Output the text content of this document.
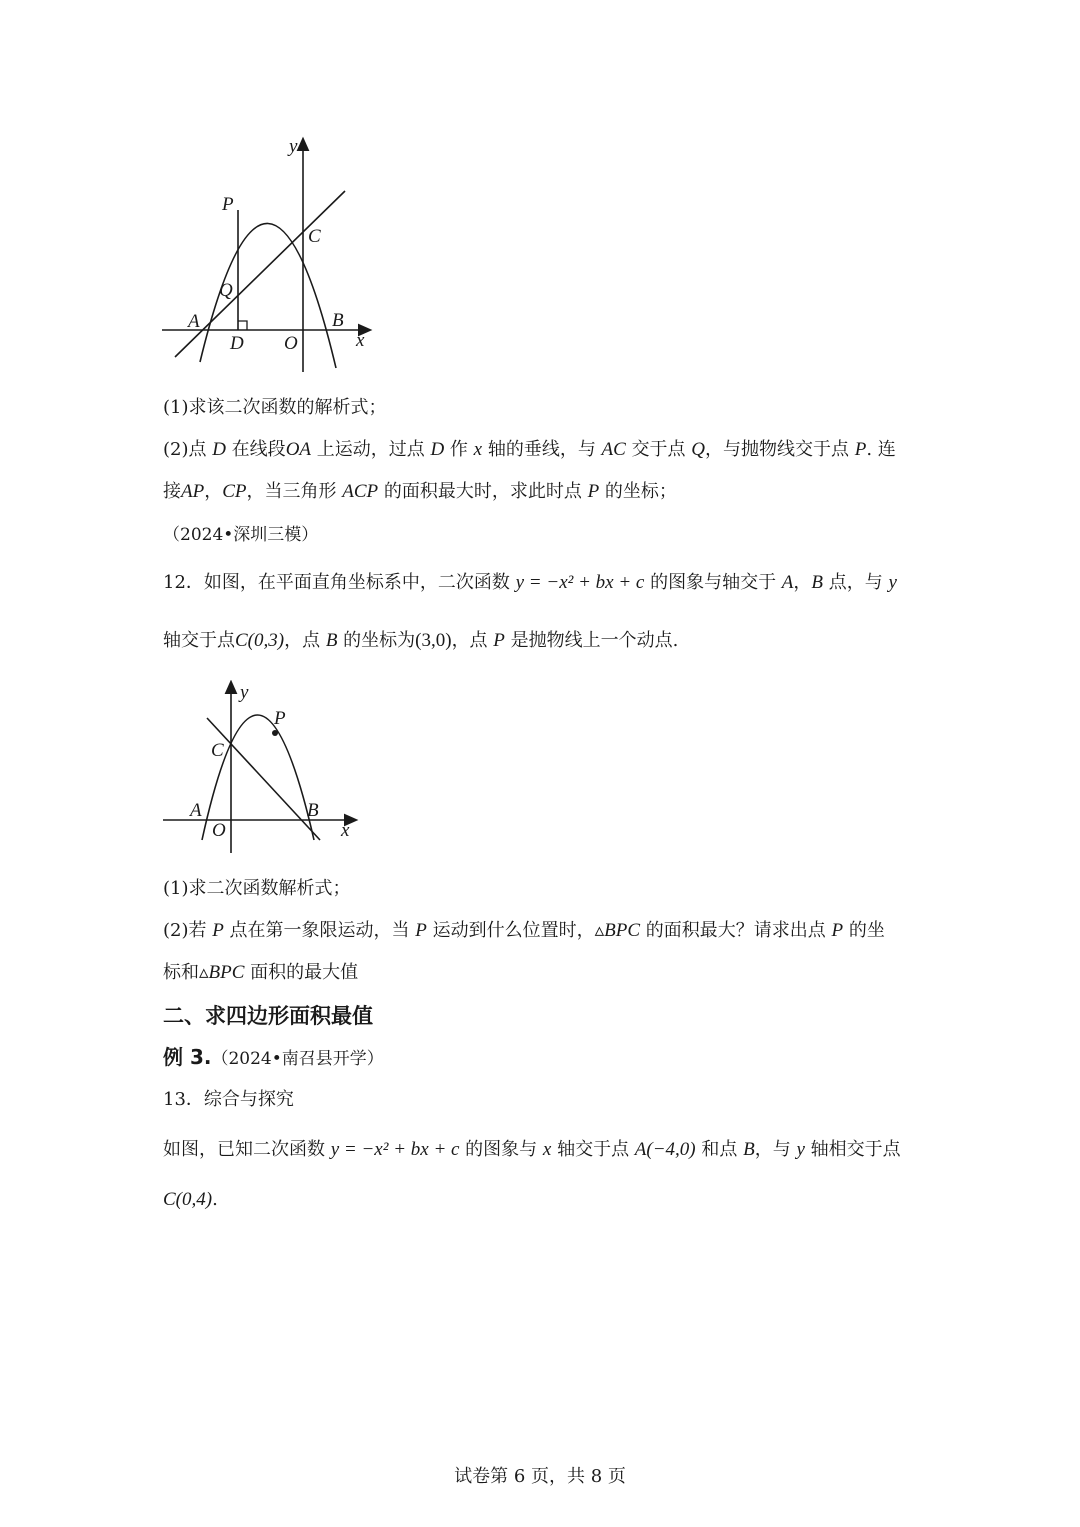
y
P
C
Q
A	B
D O	x
(1)求该二次函数的解析式；
(2)点 D 在线段OA 上运动，过点 D 作 x 轴的垂线，与 AC 交于点 Q，与抛物线交于点 P. 连
接AP，CP，当三角形 ACP 的面积最大时，求此时点 P 的坐标；
（2024•深圳三模）
12．如图，在平面直角坐标系中，二次函数 y = −x² + bx + c 的图象与轴交于 A，B 点，与 y
轴交于点C(0,3)，点 B 的坐标为(3,0)，点 P 是抛物线上一个动点.
y
P
C
A	B
O	x
(1)求二次函数解析式；
(2)若 P 点在第一象限运动，当 P 运动到什么位置时，▵BPC 的面积最大？请求出点 P 的坐
标和▵BPC 面积的最大值
二、求四边形面积最值
例 3.（2024•南召县开学）
13．综合与探究
如图，已知二次函数 y = −x² + bx + c 的图象与 x 轴交于点 A(−4,0) 和点 B，与 y 轴相交于点
C(0,4).
试卷第 6 页，共 8 页
